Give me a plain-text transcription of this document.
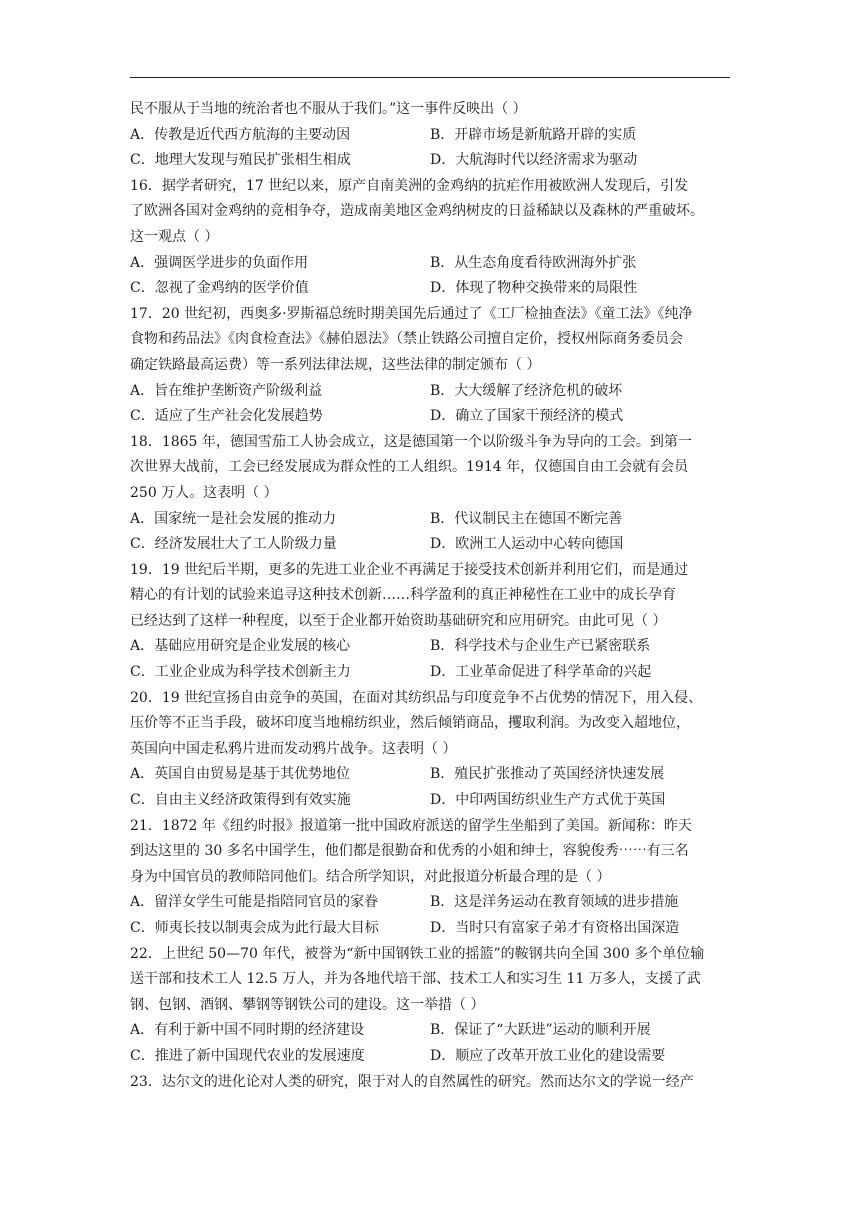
民不服从于当地的统治者也不服从于我们。”这一事件反映出（ ）
A．传教是近代西方航海的主要动因	B．开辟市场是新航路开辟的实质
C．地理大发现与殖民扩张相生相成	D．大航海时代以经济需求为驱动
16．据学者研究，17 世纪以来，原产自南美洲的金鸡纳的抗疟作用被欧洲人发现后，引发
了欧洲各国对金鸡纳的竞相争夺，造成南美地区金鸡纳树皮的日益稀缺以及森林的严重破坏。
这一观点（ ）
A．强调医学进步的负面作用	B．从生态角度看待欧洲海外扩张
C．忽视了金鸡纳的医学价值	D．体现了物种交换带来的局限性
17．20 世纪初，西奥多·罗斯福总统时期美国先后通过了《工厂检抽查法》《童工法》《纯净
食物和药品法》《肉食检查法》《赫伯恩法》（禁止铁路公司擅自定价，授权州际商务委员会
确定铁路最高运费）等一系列法律法规，这些法律的制定颁布（ ）
A．旨在维护垄断资产阶级利益	B．大大缓解了经济危机的破坏
C．适应了生产社会化发展趋势	D．确立了国家干预经济的模式
18．1865 年，德国雪茄工人协会成立，这是德国第一个以阶级斗争为导向的工会。到第一
次世界大战前，工会已经发展成为群众性的工人组织。1914 年，仅德国自由工会就有会员
250 万人。这表明（ ）
A．国家统一是社会发展的推动力	B．代议制民主在德国不断完善
C．经济发展壮大了工人阶级力量	D．欧洲工人运动中心转向德国
19．19 世纪后半期，更多的先进工业企业不再满足于接受技术创新并利用它们，而是通过
精心的有计划的试验来追寻这种技术创新……科学盈利的真正神秘性在工业中的成长孕育
已经达到了这样一种程度，以至于企业都开始资助基础研究和应用研究。由此可见（ ）
A．基础应用研究是企业发展的核心	B．科学技术与企业生产已紧密联系
C．工业企业成为科学技术创新主力	D．工业革命促进了科学革命的兴起
20．19 世纪宣扬自由竞争的英国，在面对其纺织品与印度竞争不占优势的情况下，用入侵、
压价等不正当手段，破坏印度当地棉纺织业，然后倾销商品，攫取利润。为改变入超地位，
英国向中国走私鸦片进而发动鸦片战争。这表明（ ）
A．英国自由贸易是基于其优势地位	B．殖民扩张推动了英国经济快速发展
C．自由主义经济政策得到有效实施	D．中印两国纺织业生产方式优于英国
21．1872 年《纽约时报》报道第一批中国政府派送的留学生坐船到了美国。新闻称：昨天
到达这里的 30 多名中国学生，他们都是很勤奋和优秀的小姐和绅士，容貌俊秀⋯⋯有三名
身为中国官员的教师陪同他们。结合所学知识，对此报道分析最合理的是（ ）
A．留洋女学生可能是指陪同官员的家眷	B．这是洋务运动在教育领域的进步措施
C．师夷长技以制夷会成为此行最大目标	D．当时只有富家子弟才有资格出国深造
22．上世纪 50—70 年代，被誉为“新中国钢铁工业的摇篮”的鞍钢共向全国 300 多个单位输
送干部和技术工人 12.5 万人，并为各地代培干部、技术工人和实习生 11 万多人，支援了武
钢、包钢、酒钢、攀钢等钢铁公司的建设。这一举措（ ）
A．有利于新中国不同时期的经济建设	B．保证了“大跃进”运动的顺利开展
C．推进了新中国现代农业的发展速度	D．顺应了改革开放工业化的建设需要
23．达尔文的进化论对人类的研究，限于对人的自然属性的研究。然而达尔文的学说一经产
